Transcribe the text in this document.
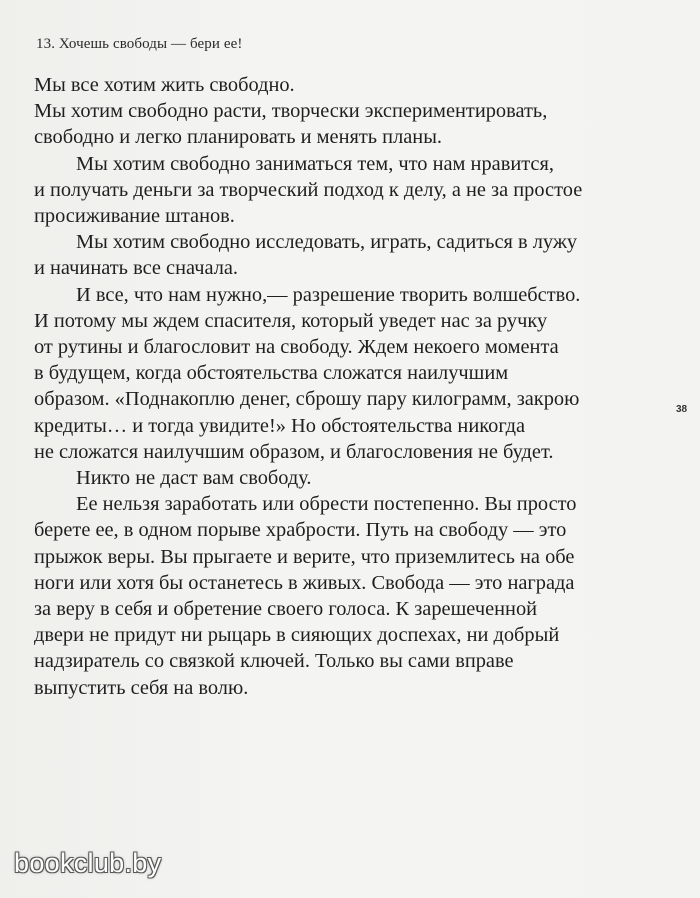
13. Хочешь свободы — бери ее!

Мы все хотим жить свободно.

Мы хотим свободно расти, творчески экспериментировать,

свободно и легко планировать и менять планы.

Мы хотим свободно заниматься тем, что нам нравится,

и получать деньги за творческий подход к делу, а не за простое

просиживание штанов.

Мы хотим свободно исследовать, играть, садиться в лужу

и начинать все сначала.

И все, что нам нужно,— разрешение творить волшебство.

И потому мы ждем спасителя, который уведет нас за ручку

от рутины и благословит на свободу. Ждем некоего момента

в будущем, когда обстоятельства сложатся наилучшим

образом. «Поднакоплю денег, сброшу пару килограмм, закрою

кредиты… и тогда увидите!» Но обстоятельства никогда

не сложатся наилучшим образом, и благословения не будет.

Никто не даст вам свободу.

Ее нельзя заработать или обрести постепенно. Вы просто

берете ее, в одном порыве храбрости. Путь на свободу — это

прыжок веры. Вы прыгаете и верите, что приземлитесь на обе

ноги или хотя бы останетесь в живых. Свобода — это награда

за веру в себя и обретение своего голоса. К зарешеченной

двери не придут ни рыцарь в сияющих доспехах, ни добрый

надзиратель со связкой ключей. Только вы сами вправе

выпустить себя на волю.

38
bookclub.by
